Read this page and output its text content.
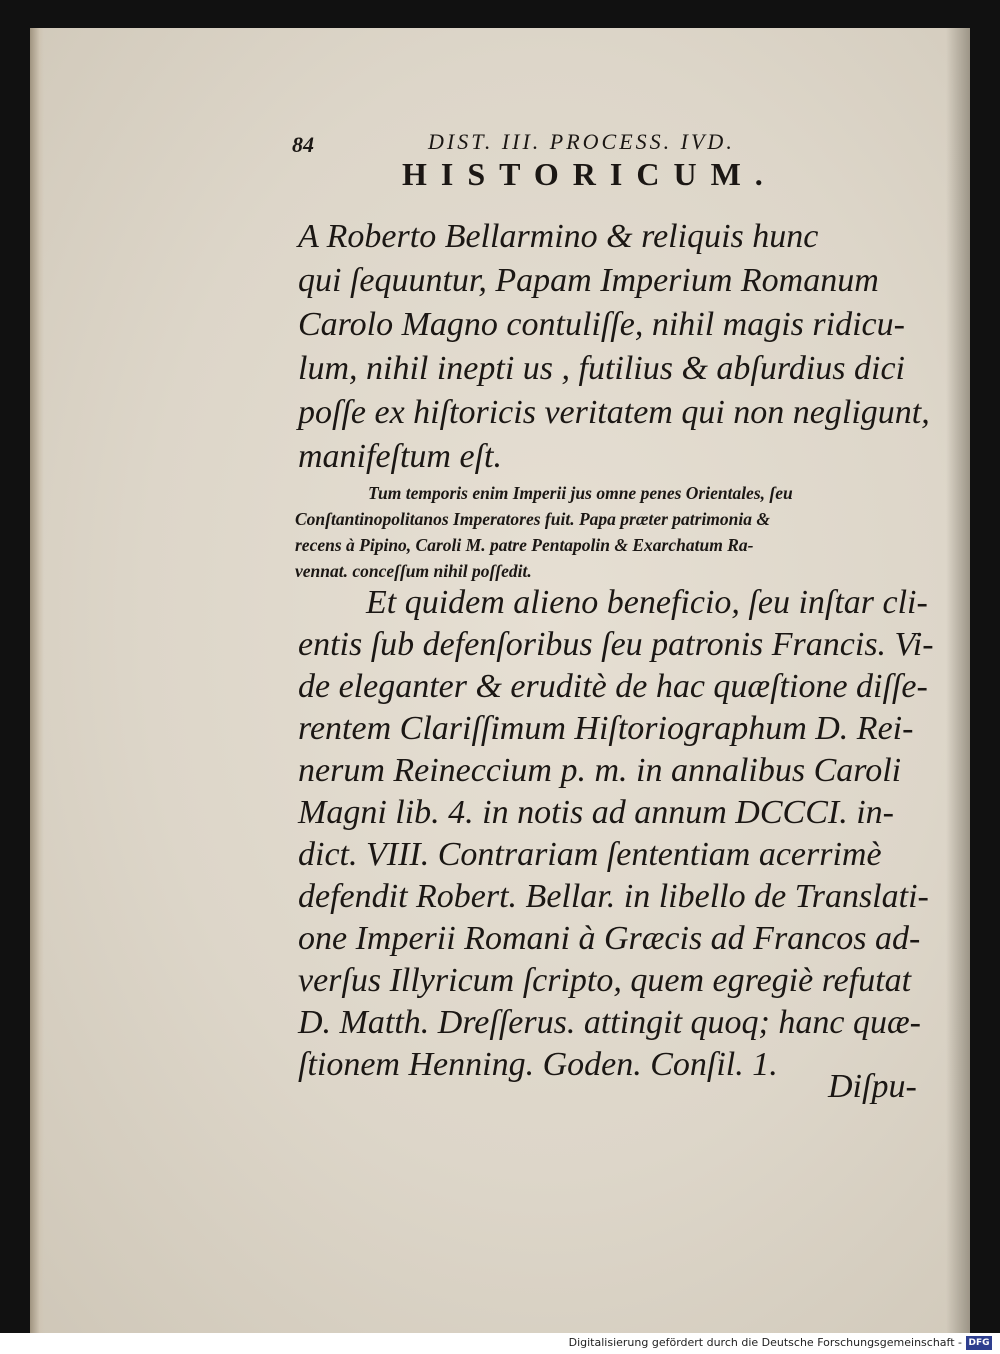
84	DIST. III. PROCESS. IVD.
HISTORICUM.
A Roberto Bellarmino & reliquis hunc
qui ſequuntur, Papam Imperium Romanum
Carolo Magno contuliſſe, nihil magis ridicu-
lum, nihil inepti us , futilius & abſurdius dici
poſſe ex hiſtoricis veritatem qui non negligunt,
manifeſtum eſt.
Tum temporis enim Imperii jus omne penes Orientales, ſeu
Conſtantinopolitanos Imperatores fuit. Papa præter patrimonia &
recens à Pipino, Caroli M. patre Pentapolin & Exarchatum Ra-
vennat. conceſſum nihil poſſedit.
Et quidem alieno beneficio, ſeu inſtar cli-
entis ſub defenſoribus ſeu patronis Francis. Vi-
de eleganter & eruditè de hac quæſtione diſſe-
rentem Clariſſimum Hiſtoriographum D. Rei-
nerum Reineccium p. m. in annalibus Caroli
Magni lib. 4. in notis ad annum DCCCI. in-
dict. VIII. Contrariam ſententiam acerrimè
defendit Robert. Bellar. in libello de Translati-
one Imperii Romani à Græcis ad Francos ad-
verſus Illyricum ſcripto, quem egregiè refutat
D. Matth. Dreſſerus. attingit quoq; hanc quæ-
ſtionem Henning. Goden. Conſil. 1.
Diſpu-
Digitalisierung gefördert durch die Deutsche Forschungsgemeinschaft - DFG
